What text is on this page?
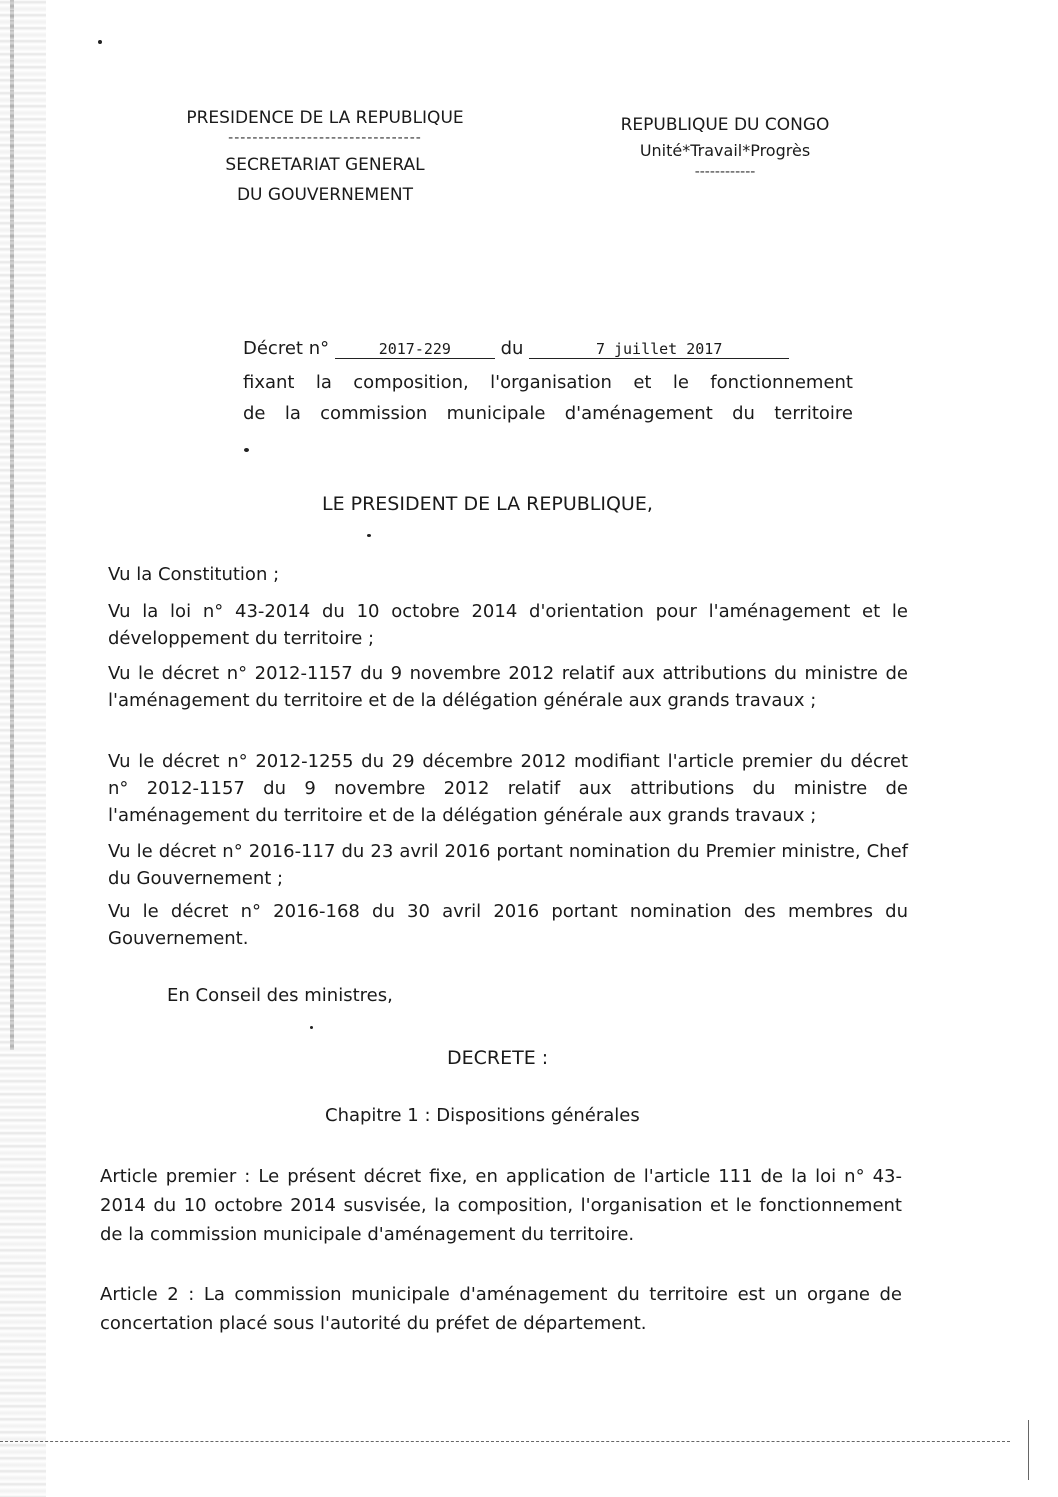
PRESIDENCE DE LA REPUBLIQUE
--------------------------------
SECRETARIAT GENERAL
DU GOUVERNEMENT
REPUBLIQUE DU CONGO
Unité*Travail*Progrès
------------
Décret n°	2017-229	du	7 juillet 2017
fixant la composition, l'organisation et le fonctionnement
de la commission municipale d'aménagement du territoire
LE PRESIDENT DE LA REPUBLIQUE,
Vu la Constitution ;
Vu la loi n° 43-2014 du 10 octobre 2014 d'orientation pour l'aménagement et le développement du territoire ;
Vu le décret n° 2012-1157 du 9 novembre 2012 relatif aux attributions du ministre de l'aménagement du territoire et de la délégation générale aux grands travaux ;
Vu le décret n° 2012-1255 du 29 décembre 2012 modifiant l'article premier du décret n° 2012-1157 du 9 novembre 2012 relatif aux attributions du ministre de l'aménagement du territoire et de la délégation générale aux grands travaux ;
Vu le décret n° 2016-117 du 23 avril 2016 portant nomination du Premier ministre, Chef du Gouvernement ;
Vu le décret n° 2016-168 du 30 avril 2016 portant nomination des membres du Gouvernement.
En Conseil des ministres,
DECRETE :
Chapitre 1 : Dispositions générales
Article premier : Le présent décret fixe, en application de l'article 111 de la loi n° 43-2014 du 10 octobre 2014 susvisée, la composition, l'organisation et le fonctionnement de la commission municipale d'aménagement du territoire.
Article 2 : La commission municipale d'aménagement du territoire est un organe de concertation placé sous l'autorité du préfet de département.
